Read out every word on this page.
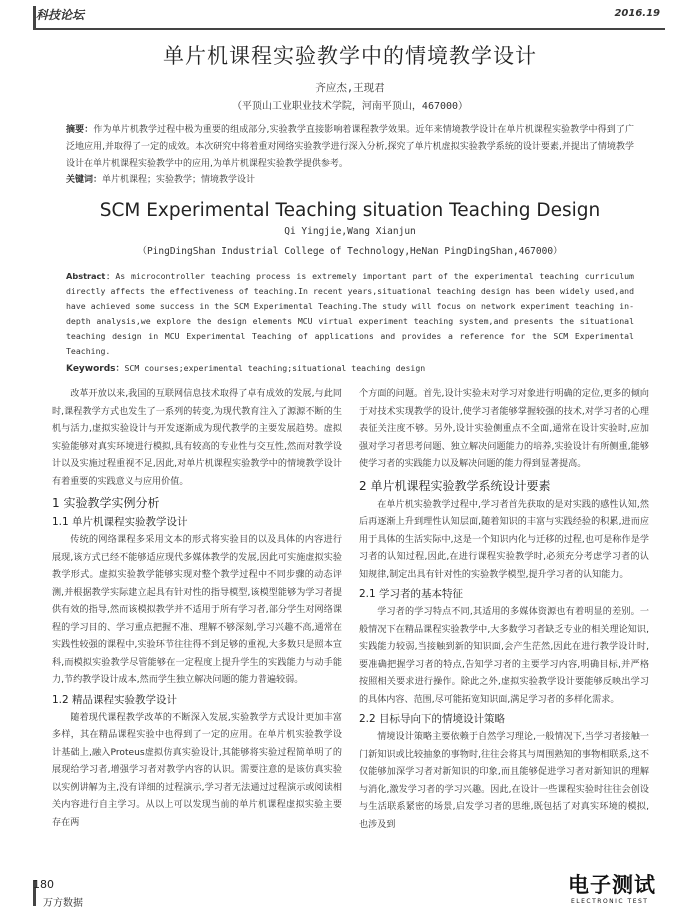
科技论坛	2016.19
单片机课程实验教学中的情境教学设计
齐应杰,王现君
（平顶山工业职业技术学院，河南平顶山，467000）
摘要：作为单片机教学过程中极为重要的组成部分,实验教学直接影响着课程教学效果。近年来情境教学设计在单片机课程实验教学中得到了广泛地应用,并取得了一定的成效。本次研究中将着重对网络实验教学进行深入分析,探究了单片机虚拟实验教学系统的设计要素,并提出了情境教学设计在单片机课程实验教学中的应用,为单片机课程实验教学提供参考。
关键词：单片机课程；实验教学；情境教学设计
SCM Experimental Teaching situation Teaching Design
Qi Yingjie,Wang Xianjun
（PingDingShan Industrial College of Technology,HeNan PingDingShan,467000）
Abstract：As microcontroller teaching process is extremely important part of the experimental teaching curriculum directly affects the effectiveness of teaching.In recent years,situational teaching design has been widely used,and have achieved some success in the SCM Experimental Teaching.The study will focus on network experiment teaching in-depth analysis,we explore the design elements MCU virtual experiment teaching system,and presents the situational teaching design in MCU Experimental Teaching of applications and provides a reference for the SCM Experimental Teaching.
Keywords：SCM courses;experimental teaching;situational teaching design

改革开放以来,我国的互联网信息技术取得了卓有成效的发展,与此同时,课程教学方式也发生了一系列的转变,为现代教育注入了源源不断的生机与活力,虚拟实验设计与开发逐渐成为现代教学的主要发展趋势。虚拟实验能够对真实环境进行模拟,具有较高的专业性与交互性,然而对教学设计以及实施过程重视不足,因此,对单片机课程实验教学中的情境教学设计有着重要的实践意义与应用价值。

1 实验教学实例分析
1.1 单片机课程实验教学设计

传统的网络课程多采用文本的形式将实验目的以及具体的内容进行展现,该方式已经不能够适应现代多媒体教学的发展,因此可实施虚拟实验教学形式。虚拟实验教学能够实现对整个教学过程中不同步骤的动态评测,并根据教学实际建立起具有针对性的指导模型,该模型能够为学习者提供有效的指导,然而该模拟教学并不适用于所有学习者,部分学生对网络课程的学习目的、学习重点把握不准、理解不够深刻,学习兴趣不高,通常在实践性较强的课程中,实验环节往往得不到足够的重视,大多数只是照本宣科,而模拟实验教学尽管能够在一定程度上提升学生的实践能力与动手能力,节约教学设计成本,然而学生独立解决问题的能力普遍较弱。

1.2 精品课程实验教学设计

随着现代课程教学改革的不断深入发展,实验教学方式设计更加丰富多样，其在精品课程实验中也得到了一定的应用。在单片机实验教学设计基础上,融入Proteus虚拟仿真实验设计,其能够将实验过程简单明了的展现给学习者,增强学习者对教学内容的认识。需要注意的是该仿真实验以实例讲解为主,没有详细的过程演示,学习者无法通过过程演示或阅读相关内容进行自主学习。从以上可以发现当前的单片机课程虚拟实验主要存在两

个方面的问题。首先,设计实验未对学习对象进行明确的定位,更多的倾向于对技术实现教学的设计,使学习者能够掌握较强的技术,对学习者的心理表征关注度不够。另外,设计实验侧重点不全面,通常在设计实验时,应加强对学习者思考问题、独立解决问题能力的培养,实验设计有所侧重,能够使学习者的实践能力以及解决问题的能力得到显著提高。

2 单片机课程实验教学系统设计要素

在单片机实验教学过程中,学习者首先获取的是对实践的感性认知,然后再逐渐上升到理性认知层面,随着知识的丰富与实践经验的积累,进而应用于具体的生活实际中,这是一个知识内化与迁移的过程,也可是称作是学习者的认知过程,因此,在进行课程实验教学时,必须充分考虑学习者的认知规律,制定出具有针对性的实验教学模型,提升学习者的认知能力。

2.1 学习者的基本特征

学习者的学习特点不同,其适用的多媒体资源也有着明显的差别。一般情况下在精品课程实验教学中,大多数学习者缺乏专业的相关理论知识,实践能力较弱,当接触到新的知识面,会产生茫然,因此在进行教学设计时,要准确把握学习者的特点,告知学习者的主要学习内容,明确目标,并严格按照相关要求进行操作。除此之外,虚拟实验教学设计要能够反映出学习的具体内容、范围,尽可能拓宽知识面,满足学习者的多样化需求。

2.2 目标导向下的情境设计策略

情境设计策略主要依赖于自然学习理论,一般情况下,当学习者接触一门新知识或比较抽象的事物时,往往会将其与周围熟知的事物相联系,这不仅能够加深学习者对新知识的印象,而且能够促进学习者对新知识的理解与消化,激发学习者的学习兴趣。因此,在设计一些课程实验时往往会创设与生活联系紧密的场景,启发学习者的思维,既包括了对真实环境的模拟,也涉及到

180
万方数据
电子测试
ELECTRONIC TEST
